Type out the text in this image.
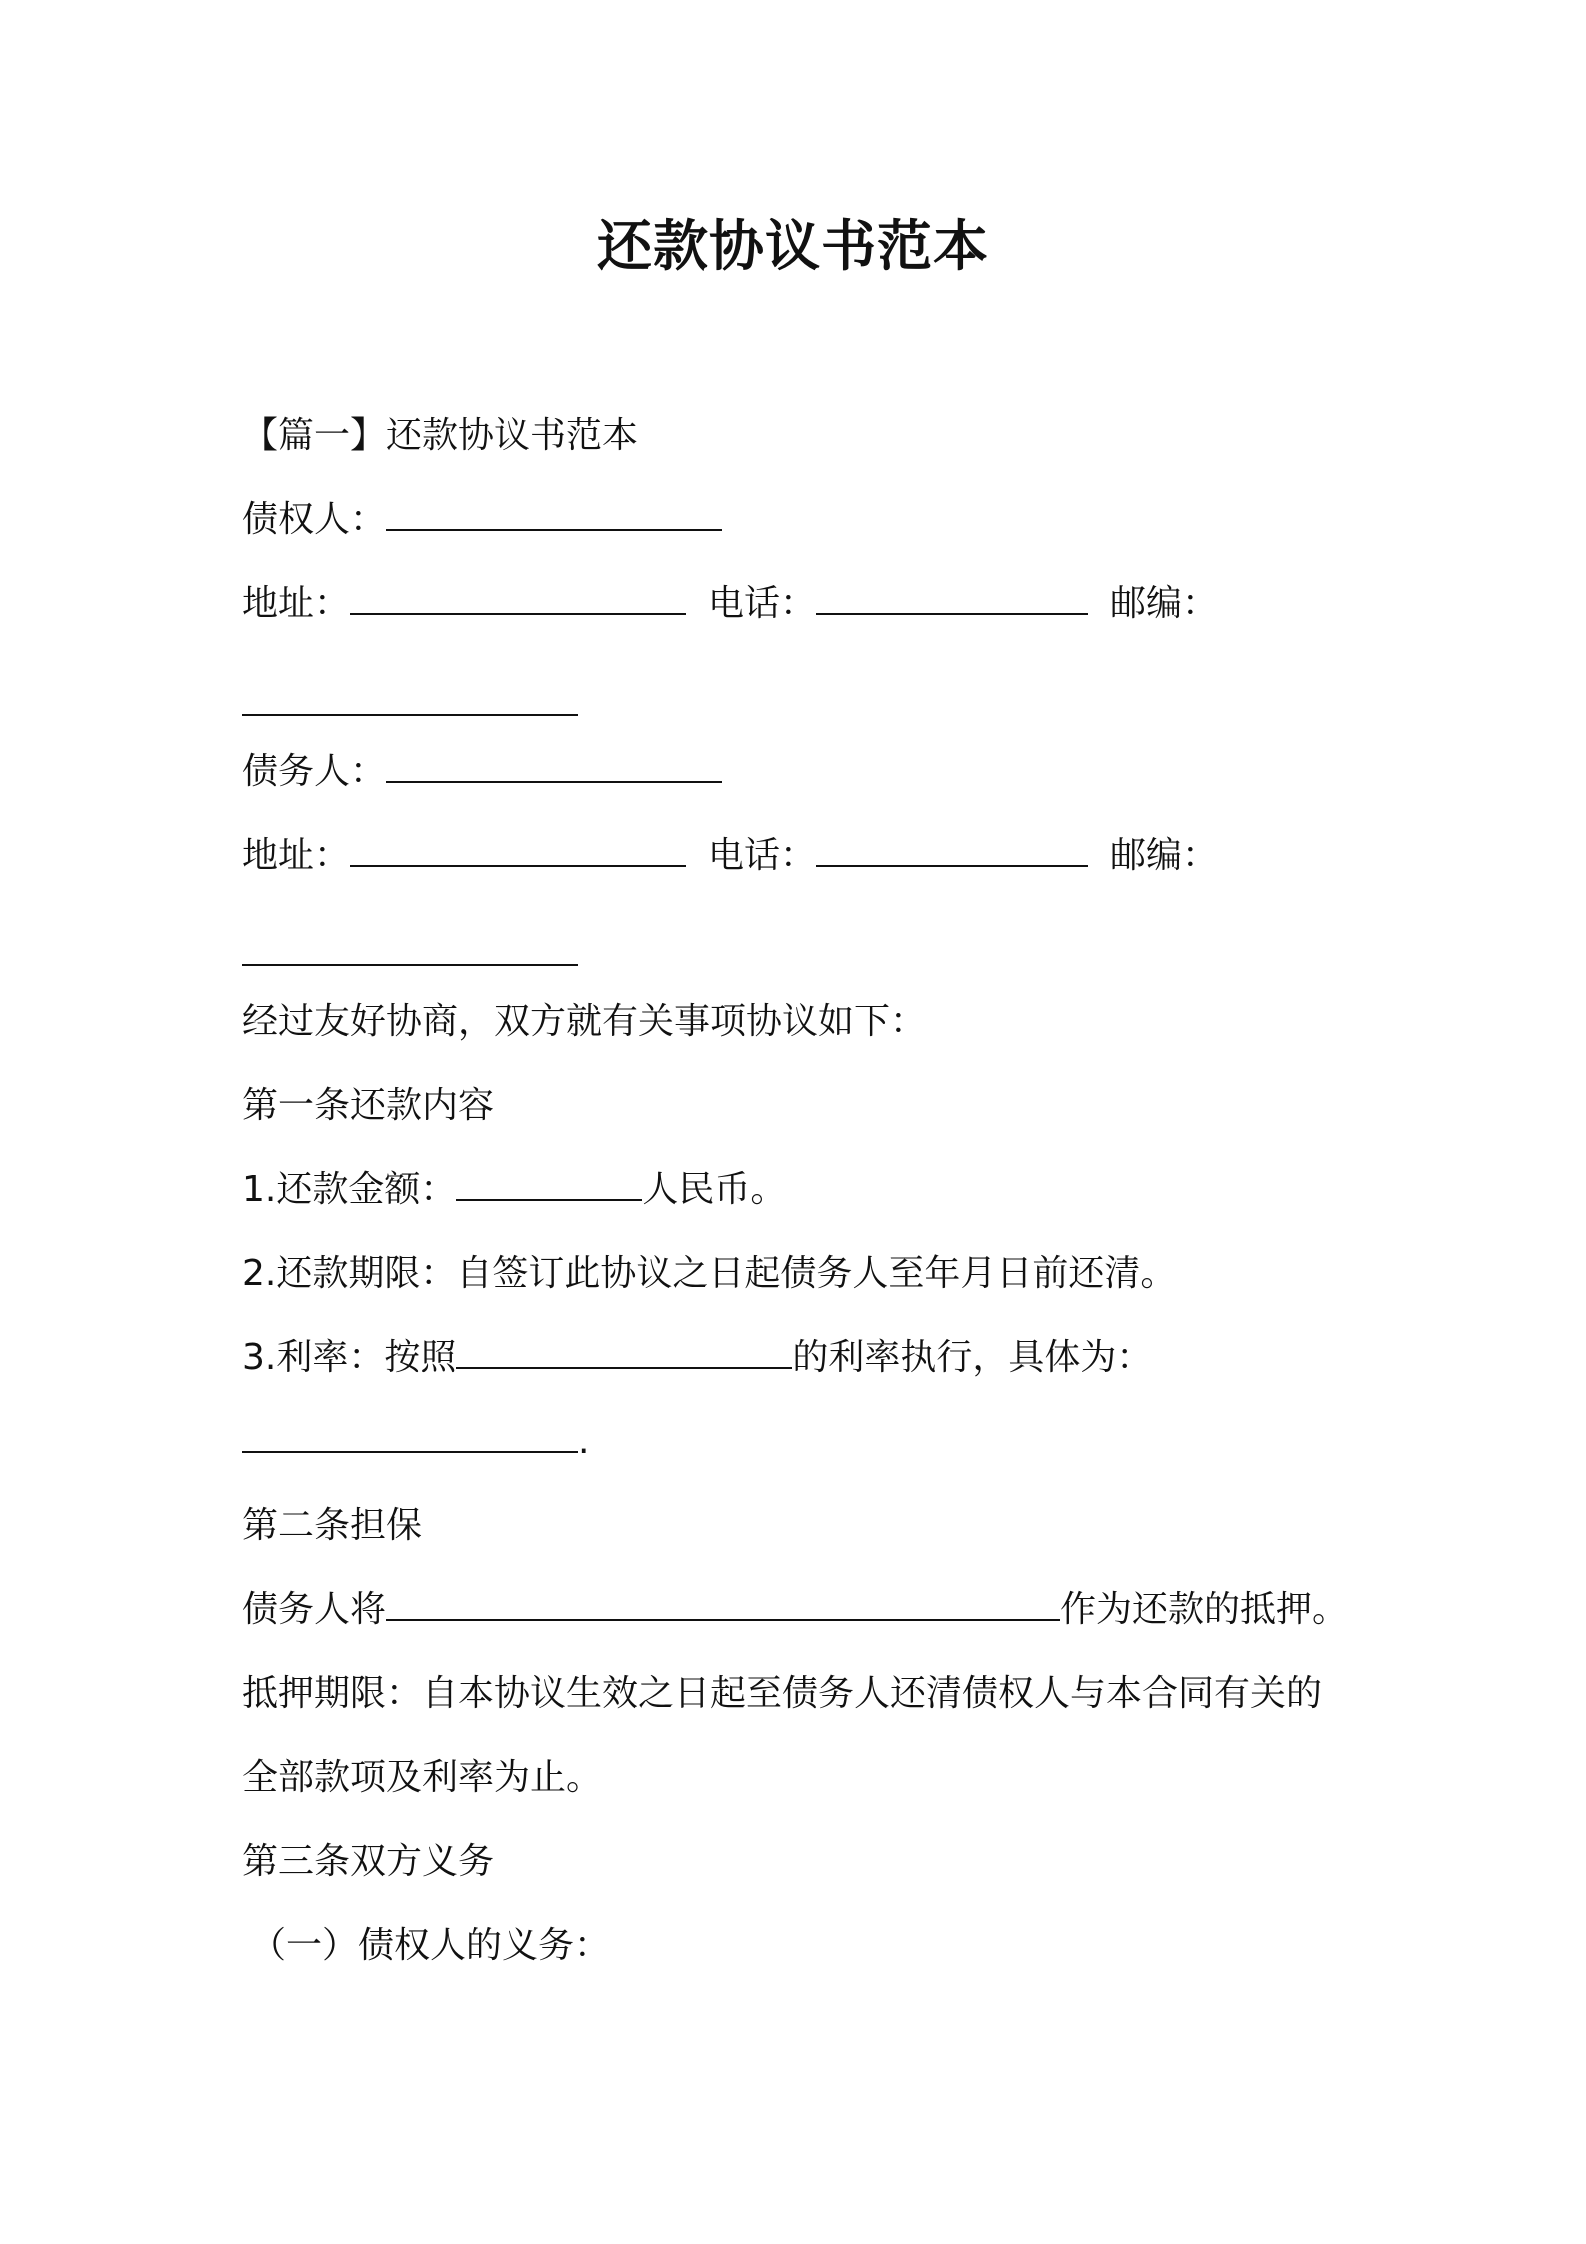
还款协议书范本
【篇一】还款协议书范本
债权人：
地址：	电话：	邮编：
债务人：
地址：	电话：	邮编：
经过友好协商，双方就有关事项协议如下：
第一条还款内容
1.还款金额：	人民币。
2.还款期限：自签订此协议之日起债务人至年月日前还清。
3.利率：按照	的利率执行，具体为：
.
第二条担保
债务人将	作为还款的抵押。
抵押期限：自本协议生效之日起至债务人还清债权人与本合同有关的
全部款项及利率为止。
第三条双方义务
（一）债权人的义务：
